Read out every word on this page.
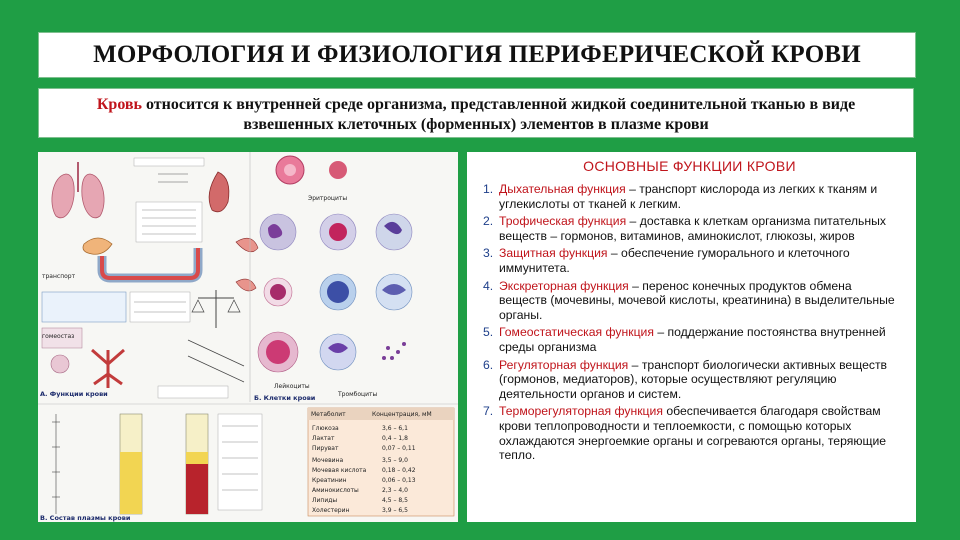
МОРФОЛОГИЯ И ФИЗИОЛОГИЯ ПЕРИФЕРИЧЕСКОЙ КРОВИ
Кровь относится к внутренней среде организма, представленной жидкой соединительной тканью в виде взвешенных клеточных (форменных) элементов в плазме крови
транспорт
гомеостаз
А. Функции крови
Эритроциты
Лейкоциты
Тромбоциты
Б. Клетки крови
Метаболит	Концентрация, мМ
Глюкоза	3,6 – 6,1
Лактат	0,4 – 1,8
Пируват	0,07 – 0,11
Мочевина	3,5 – 9,0
Мочевая кислота	0,18 – 0,42
Креатинин	0,06 – 0,13
Аминокислоты	2,3 – 4,0
Липиды	4,5 – 8,5
Холестерин	3,9 – 6,5
В. Состав плазмы крови
ОСНОВНЫЕ ФУНКЦИИ КРОВИ
1. Дыхательная функция – транспорт кислорода из легких к тканям и углекислоты от тканей к легким.
2. Трофическая функция – доставка к клеткам организма питательных веществ – гормонов, витаминов, аминокислот, глюкозы, жиров
3. Защитная функция – обеспечение гуморального и клеточного иммунитета.
4. Экскреторная функция – перенос конечных продуктов обмена веществ (мочевины, мочевой кислоты, креатинина) в выделительные органы.
5. Гомеостатическая функция – поддержание постоянства внутренней среды организма
6. Регуляторная функция – транспорт биологически активных веществ (гормонов, медиаторов), которые осуществляют регуляцию деятельности органов и систем.
7. Терморегуляторная функция обеспечивается благодаря свойствам крови теплопроводности и теплоемкости, с помощью которых охлаждаются энергоемкие органы и согреваются органы, теряющие тепло.
